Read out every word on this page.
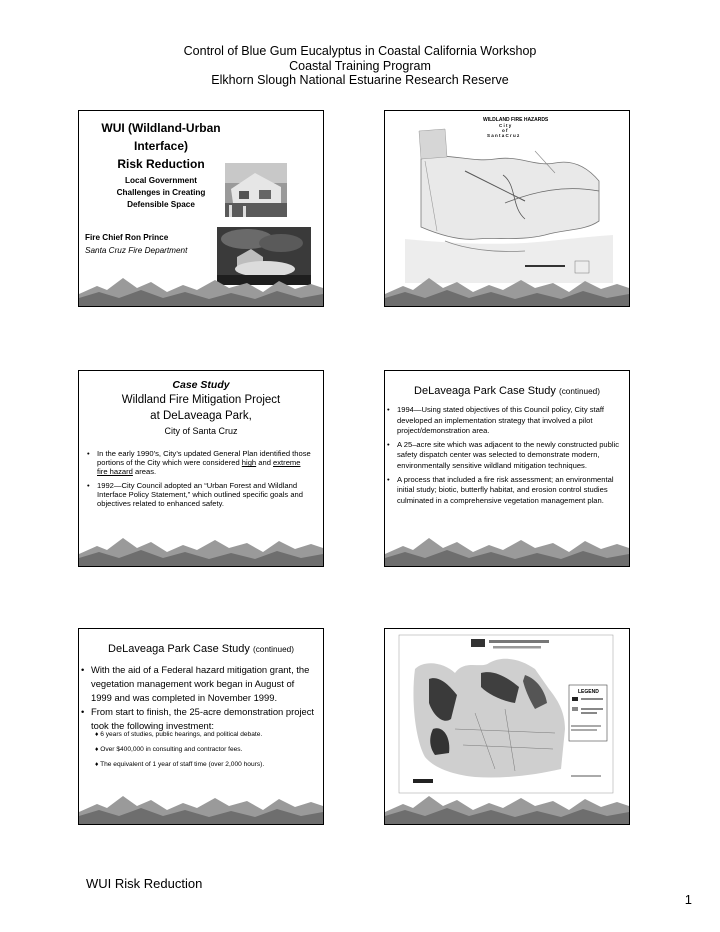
Control of Blue Gum Eucalyptus in Coastal California Workshop
Coastal Training Program
Elkhorn Slough National Estuarine Research Reserve
WUI (Wildland-Urban Interface)
Risk Reduction
Local Government
Challenges in Creating
Defensible Space
Fire Chief Ron Prince
Santa Cruz Fire Department
WILDLAND FIRE HAZARDS
C i t y
o f
S a n t a C r u z
Case Study
Wildland Fire Mitigation Project
at DeLaveaga Park,
City of Santa Cruz
• In the early 1990’s, City’s updated General Plan identified those portions of the City which were considered high and extreme fire hazard areas.
• 1992—City Council adopted an “Urban Forest and Wildland Interface Policy Statement,” which outlined specific goals and objectives related to enhanced safety.
DeLaveaga Park Case Study (continued)
• 1994—Using stated objectives of this Council policy, City staff developed an implementation strategy that involved a pilot project/demonstration area.
• A 25–acre site which was adjacent to the newly constructed public safety dispatch center was selected to demonstrate modern, environmentally sensitive wildland mitigation techniques.
• A process that included a fire risk assessment; an environmental initial study; biotic, butterfly habitat, and erosion control studies culminated in a comprehensive vegetation management plan.
DeLaveaga Park Case Study (continued)
• With the aid of a Federal hazard mitigation grant, the vegetation management work began in August of 1999 and was completed in November 1999.
• From start to finish, the 25-acre demonstration project took the following investment:
♦ 6 years of studies, public hearings, and political debate.
♦ Over $400,000 in consulting and contractor fees.
♦ The equivalent of 1 year of staff time (over 2,000 hours).
LEGEND
WUI Risk Reduction
1
